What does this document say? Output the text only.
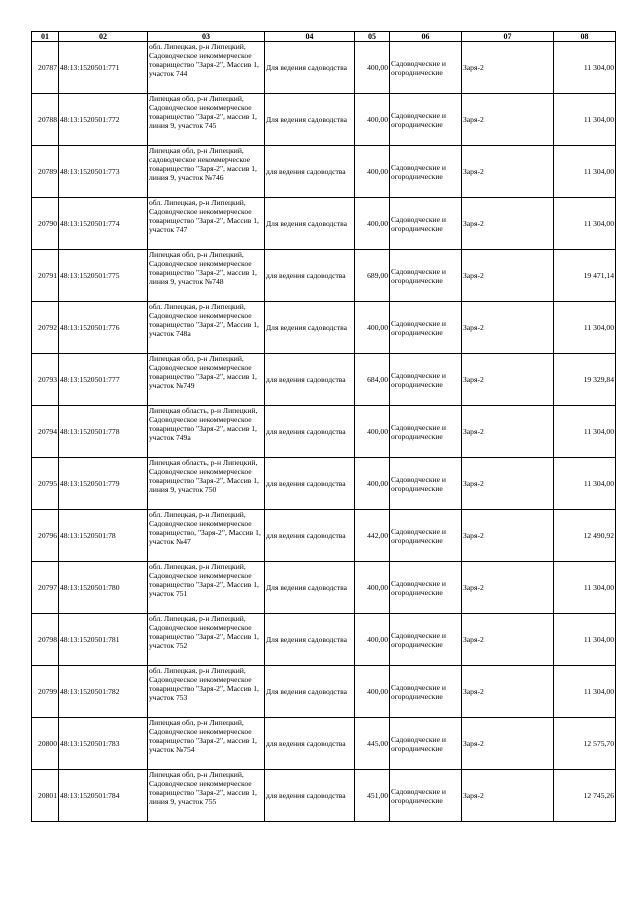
01	02	03	04	05	06	07	08
20787	48:13:1520501:771	обл. Липецкая, р-н Липецкий, Садоводческое некоммерческое товарищество "Заря-2", Массив 1, участок 744	Для ведения садоводства	400,00	Садоводческие и огороднические	Заря-2	11 304,00
20788	48:13:1520501:772	Липецкая обл, р-н Липецкий, Садоводческое некоммерческое товарищество "Заря-2", массив 1, линия 9, участок 745	Для ведения садоводства	400,00	Садоводческие и огороднические	Заря-2	11 304,00
20789	48:13:1520501:773	Липецкая обл, р-н Липецкий, садоводческое некоммерческое товарищество "Заря-2", массив 1, линия 9, участок №746	для ведения садоводства	400,00	Садоводческие и огороднические	Заря-2	11 304,00
20790	48:13:1520501:774	обл. Липецкая, р-н Липецкий, Садоводческое некоммерческое товарищество "Заря-2", Массив 1, участок 747	Для ведения садоводства	400,00	Садоводческие и огороднические	Заря-2	11 304,00
20791	48:13:1520501:775	Липецкая обл, р-н Липецкий, Садоводческое некоммерческое товарищество "Заря-2", массив 1, линия 9, участок №748	для ведения садоводства	689,00	Садоводческие и огороднические	Заря-2	19 471,14
20792	48:13:1520501:776	обл. Липецкая, р-н Липецкий, Садоводческое некоммерческое товарищество "Заря-2", Массив 1, участок 748а	Для ведения садоводства	400,00	Садоводческие и огороднические	Заря-2	11 304,00
20793	48:13:1520501:777	Липецкая обл, р-н Липецкий, Садоводческое некоммерческое товарищество "Заря-2", массив 1, участок №749	для ведения садоводства	684,00	Садоводческие и огороднические	Заря-2	19 329,84
20794	48:13:1520501:778	Липецкая область, р-н Липецкий, Садоводческое некоммерческое товарищество "Заря-2", массив 1, участок 749а	для ведения садоводства	400,00	Садоводческие и огороднические	Заря-2	11 304,00
20795	48:13:1520501:779	Липецкая область, р-н Липецкий, Садоводческое некоммерческое товарищество "Заря-2", Массив 1, линия 9, участок 750	для ведения садоводства	400,00	Садоводческие и огороднические	Заря-2	11 304,00
20796	48:13:1520501:78	обл. Липецкая, р-н Липецкий, Садоводческое некоммерческое товарищество, "Заря-2", Массив 1, участок №47	для ведения садоводства	442,00	Садоводческие и огороднические	Заря-2	12 490,92
20797	48:13:1520501:780	обл. Липецкая, р-н Липецкий, Садоводческое некоммерческое товарищество "Заря-2", Массив 1, участок 751	Для ведения садоводства	400,00	Садоводческие и огороднические	Заря-2	11 304,00
20798	48:13:1520501:781	обл. Липецкая, р-н Липецкий, Садоводческое некоммерческое товарищество "Заря-2", Массив 1, участок 752	Для ведения садоводства	400,00	Садоводческие и огороднические	Заря-2	11 304,00
20799	48:13:1520501:782	обл. Липецкая, р-н Липецкий, Садоводческое некоммерческое товарищество "Заря-2", Массив 1, участок 753	Для ведения садоводства	400,00	Садоводческие и огороднические	Заря-2	11 304,00
20800	48:13:1520501:783	Липецкая обл, р-н Липецкий, Садоводческое некоммерческое товарищество "Заря-2", массив 1, участок №754	для ведения садоводства	445,00	Садоводческие и огороднические	Заря-2	12 575,70
20801	48:13:1520501:784	Липецкая обл, р-н Липецкий, Садоводческое некоммерческое товарищество "Заря-2", массив 1, линия 9, участок 755	для ведения садоводства	451,00	Садоводческие и огороднические	Заря-2	12 745,26
